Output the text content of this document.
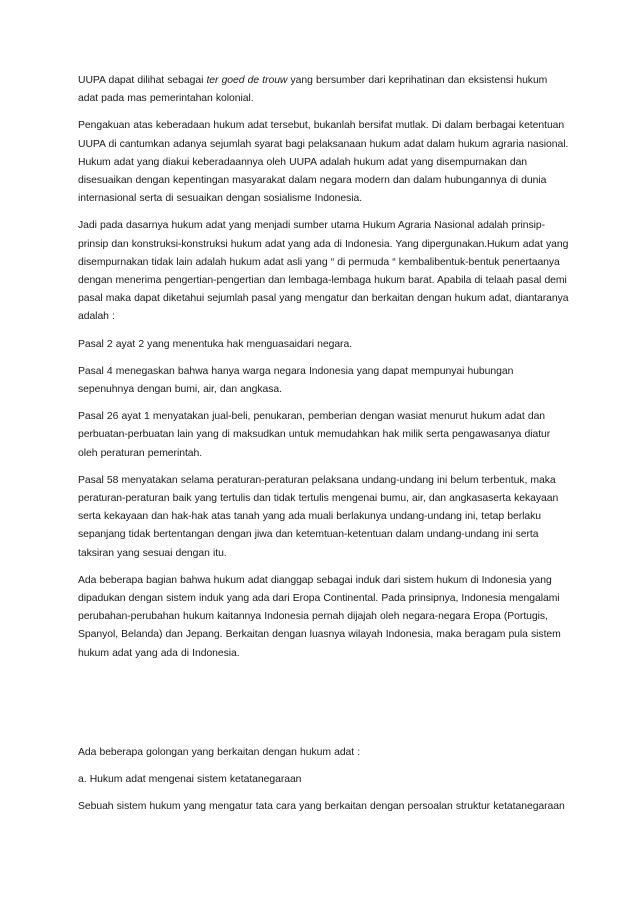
UUPA dapat dilihat sebagai ter goed de trouw yang bersumber dari keprihatinan dan eksistensi hukum adat pada mas pemerintahan kolonial.

Pengakuan atas keberadaan hukum adat tersebut, bukanlah bersifat mutlak. Di dalam berbagai ketentuan UUPA di cantumkan adanya sejumlah syarat bagi pelaksanaan hukum adat dalam hukum agraria nasional. Hukum adat yang diakui keberadaannya oleh UUPA adalah hukum adat yang disempurnakan dan disesuaikan dengan kepentingan masyarakat dalam negara modern dan dalam hubungannya di dunia internasional serta di sesuaikan dengan sosialisme Indonesia.

Jadi pada dasarnya hukum adat yang menjadi sumber utama Hukum Agraria Nasional adalah prinsip-prinsip dan konstruksi-konstruksi hukum adat yang ada di Indonesia. Yang dipergunakan.Hukum adat yang disempurnakan tidak lain adalah hukum adat asli yang “ di permuda “ kembalibentuk-bentuk penertaanya dengan menerima pengertian-pengertian dan lembaga-lembaga hukum barat. Apabila di telaah pasal demi pasal maka dapat diketahui sejumlah pasal yang mengatur dan berkaitan dengan hukum adat, diantaranya adalah :

Pasal 2 ayat 2 yang menentuka hak menguasaidari negara.

Pasal 4 menegaskan bahwa hanya warga negara Indonesia yang dapat mempunyai hubungan sepenuhnya dengan bumi, air, dan angkasa.

Pasal 26 ayat 1 menyatakan jual-beli, penukaran, pemberian dengan wasiat menurut hukum adat dan perbuatan-perbuatan lain yang di maksudkan untuk memudahkan hak milik serta pengawasanya diatur oleh peraturan pemerintah.

Pasal 58 menyatakan selama peraturan-peraturan pelaksana undang-undang ini belum terbentuk, maka peraturan-peraturan baik yang tertulis dan tidak tertulis mengenai bumu, air, dan angkasaserta kekayaan serta kekayaan dan hak-hak atas tanah yang ada muali berlakunya undang-undang ini, tetap berlaku sepanjang tidak bertentangan dengan jiwa dan ketemtuan-ketentuan dalam undang-undang ini serta taksiran yang sesuai dengan itu.

Ada beberapa bagian bahwa hukum adat dianggap sebagai induk dari sistem hukum di Indonesia yang dipadukan dengan sistem induk yang ada dari Eropa Continental. Pada prinsipnya, Indonesia mengalami perubahan-perubahan hukum kaitannya Indonesia pernah dijajah oleh negara-negara Eropa (Portugis, Spanyol, Belanda) dan Jepang. Berkaitan dengan luasnya wilayah Indonesia, maka beragam pula sistem hukum adat yang ada di Indonesia.

Ada beberapa golongan yang berkaitan dengan hukum adat :

a. Hukum adat mengenai sistem ketatanegaraan

Sebuah sistem hukum yang mengatur tata cara yang berkaitan dengan persoalan struktur ketatanegaraan
